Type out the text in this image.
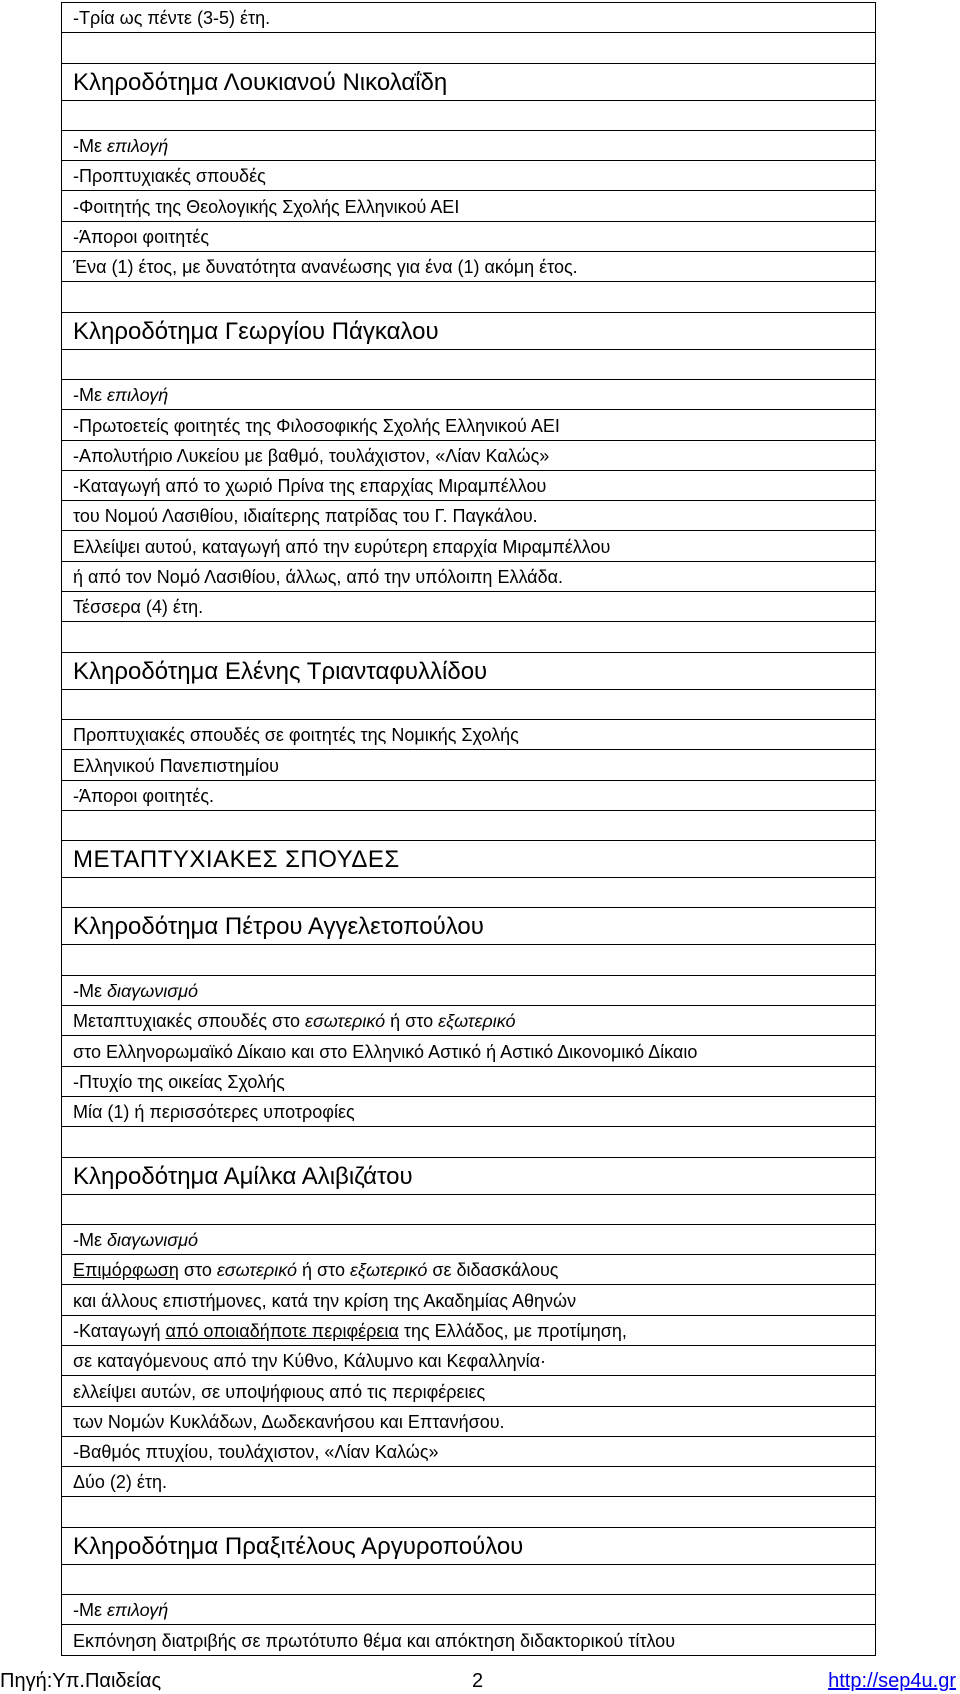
-Τρία ως πέντε (3-5) έτη.

Κληροδότημα Λουκιανού Νικολαΐδη

-Με επιλογή
-Προπτυχιακές σπουδές
-Φοιτητής της Θεολογικής Σχολής Ελληνικού ΑΕΙ
-Άποροι φοιτητές
Ένα (1) έτος, με δυνατότητα ανανέωσης για ένα (1) ακόμη έτος.

Κληροδότημα Γεωργίου Πάγκαλου

-Με επιλογή
-Πρωτοετείς φοιτητές της Φιλοσοφικής Σχολής Ελληνικού ΑΕΙ
-Απολυτήριο Λυκείου με βαθμό, τουλάχιστον, «Λίαν Καλώς»
-Καταγωγή από το χωριό Πρίνα της επαρχίας Μιραμπέλλου
του Νομού Λασιθίου, ιδιαίτερης πατρίδας του Γ. Παγκάλου.
Ελλείψει αυτού, καταγωγή από την ευρύτερη επαρχία Μιραμπέλλου
ή από τον Νομό Λασιθίου, άλλως, από την υπόλοιπη Ελλάδα.
Τέσσερα (4) έτη.

Κληροδότημα Ελένης Τριανταφυλλίδου

Προπτυχιακές σπουδές σε φοιτητές της Νομικής Σχολής
Ελληνικού Πανεπιστημίου
-Άποροι φοιτητές.

ΜΕΤΑΠΤΥΧΙΑΚΕΣ ΣΠΟΥΔΕΣ

Κληροδότημα Πέτρου Αγγελετοπούλου

-Με διαγωνισμό
Μεταπτυχιακές σπουδές στο εσωτερικό ή στο εξωτερικό
στο Ελληνορωμαϊκό Δίκαιο και στο Ελληνικό Αστικό ή Αστικό Δικονομικό Δίκαιο
-Πτυχίο της οικείας Σχολής
Μία (1) ή περισσότερες υποτροφίες

Κληροδότημα Αμίλκα Αλιβιζάτου

-Με διαγωνισμό
Επιμόρφωση στο εσωτερικό ή στο εξωτερικό σε διδασκάλους
και άλλους επιστήμονες, κατά την κρίση της Ακαδημίας Αθηνών
-Καταγωγή από οποιαδήποτε περιφέρεια της Ελλάδος, με προτίμηση,
σε καταγόμενους από την Κύθνο, Κάλυμνο και Κεφαλληνία·
ελλείψει αυτών, σε υποψήφιους από τις περιφέρειες
των Νομών Κυκλάδων, Δωδεκανήσου και Επτανήσου.
-Βαθμός πτυχίου, τουλάχιστον, «Λίαν Καλώς»
Δύο (2) έτη.

Κληροδότημα Πραξιτέλους Αργυροπούλου

-Με επιλογή
Εκπόνηση διατριβής σε πρωτότυπο θέμα και απόκτηση διδακτορικού τίτλου
Πηγή:Υπ.Παιδείας	2	http://sep4u.gr
